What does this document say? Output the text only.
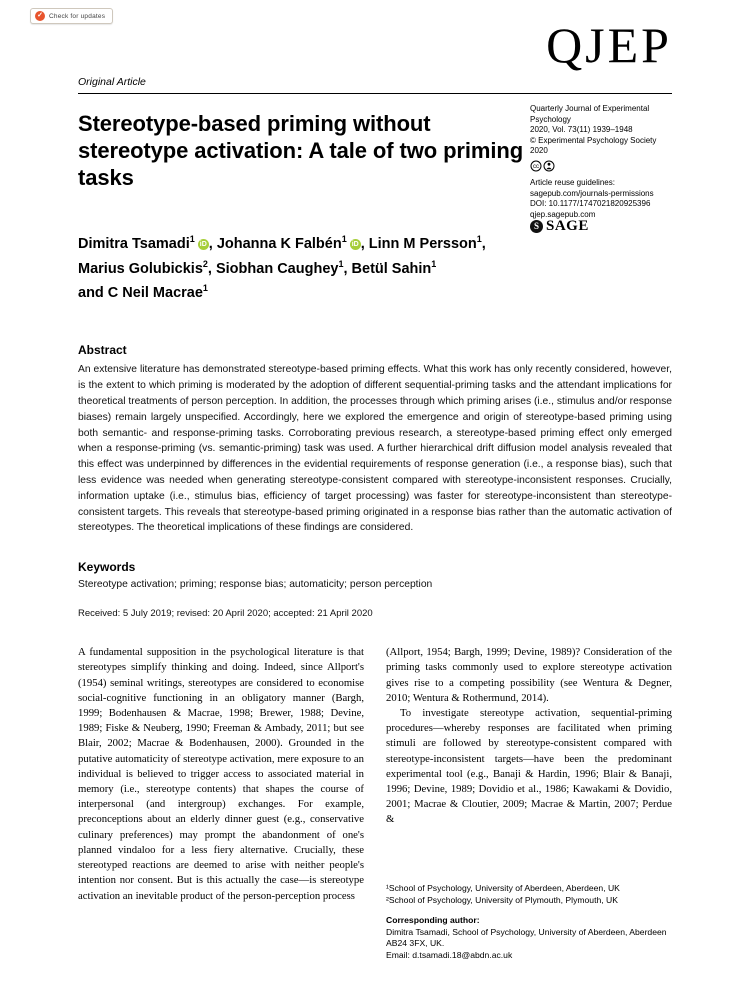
✓ Check for updates
QJEP
Original Article
Stereotype-based priming without stereotype activation: A tale of two priming tasks
Quarterly Journal of Experimental Psychology
2020, Vol. 73(11) 1939–1948
© Experimental Psychology Society 2020
cc
Article reuse guidelines:
sagepub.com/journals-permissions
DOI: 10.1177/1747021820925396
qjep.sagepub.com
S SAGE
Dimitra Tsamadi$^1$iD , Johanna K Falbén$^1$iD , Linn M Persson$^1$,
Marius Golubickis$^2$, Siobhan Caughey$^1$, Betül Sahin$^1$
and C Neil Macrae$^1$
Abstract

An extensive literature has demonstrated stereotype-based priming effects. What this work has only recently considered, however, is the extent to which priming is moderated by the adoption of different sequential-priming tasks and the attendant implications for theoretical treatments of person perception. In addition, the processes through which priming arises (i.e., stimulus and/or response biases) remain largely unspecified. Accordingly, here we explored the emergence and origin of stereotype-based priming using both semantic- and response-priming tasks. Corroborating previous research, a stereotype-based priming effect only emerged when a response-priming (vs. semantic-priming) task was used. A further hierarchical drift diffusion model analysis revealed that this effect was underpinned by differences in the evidential requirements of response generation (i.e., a response bias), such that less evidence was needed when generating stereotype-consistent compared with stereotype-inconsistent responses. Crucially, information uptake (i.e., stimulus bias, efficiency of target processing) was faster for stereotype-inconsistent than stereotype-consistent targets. This reveals that stereotype-based priming originated in a response bias rather than the automatic activation of stereotypes. The theoretical implications of these findings are considered.

Keywords

Stereotype activation; priming; response bias; automaticity; person perception

Received: 5 July 2019; revised: 20 April 2020; accepted: 21 April 2020

A fundamental supposition in the psychological literature is that stereotypes simplify thinking and doing. Indeed, since Allport's (1954) seminal writings, stereotypes are considered to economise social-cognitive functioning in an obligatory manner (Bargh, 1999; Bodenhausen & Macrae, 1998; Brewer, 1988; Devine, 1989; Fiske & Neuberg, 1990; Freeman & Ambady, 2011; but see Blair, 2002; Macrae & Bodenhausen, 2000). Grounded in the putative automaticity of stereotype activation, mere exposure to an individual is believed to trigger access to associated material in memory (i.e., stereotype contents) that shapes the course of interpersonal (and intergroup) exchanges. For example, preconceptions about an elderly dinner guest (e.g., conservative culinary preferences) may prompt the abandonment of one's planned vindaloo for a less fiery alternative. Crucially, these stereotyped reactions are deemed to arise with neither people's intention nor consent. But is this actually the case—is stereotype activation an inevitable product of the person-perception process

(Allport, 1954; Bargh, 1999; Devine, 1989)? Consideration of the priming tasks commonly used to explore stereotype activation gives rise to a competing possibility (see Wentura & Degner, 2010; Wentura & Rothermund, 2014).

To investigate stereotype activation, sequential-priming procedures—whereby responses are facilitated when priming stimuli are followed by stereotype-consistent compared with stereotype-inconsistent targets—have been the predominant experimental tool (e.g., Banaji & Hardin, 1996; Blair & Banaji, 1996; Devine, 1989; Dovidio et al., 1986; Kawakami & Dovidio, 2001; Macrae & Cloutier, 2009; Macrae & Martin, 2007; Perdue &

¹School of Psychology, University of Aberdeen, Aberdeen, UK
²School of Psychology, University of Plymouth, Plymouth, UK
Corresponding author:
Dimitra Tsamadi, School of Psychology, University of Aberdeen, Aberdeen AB24 3FX, UK.
Email: d.tsamadi.18@abdn.ac.uk
